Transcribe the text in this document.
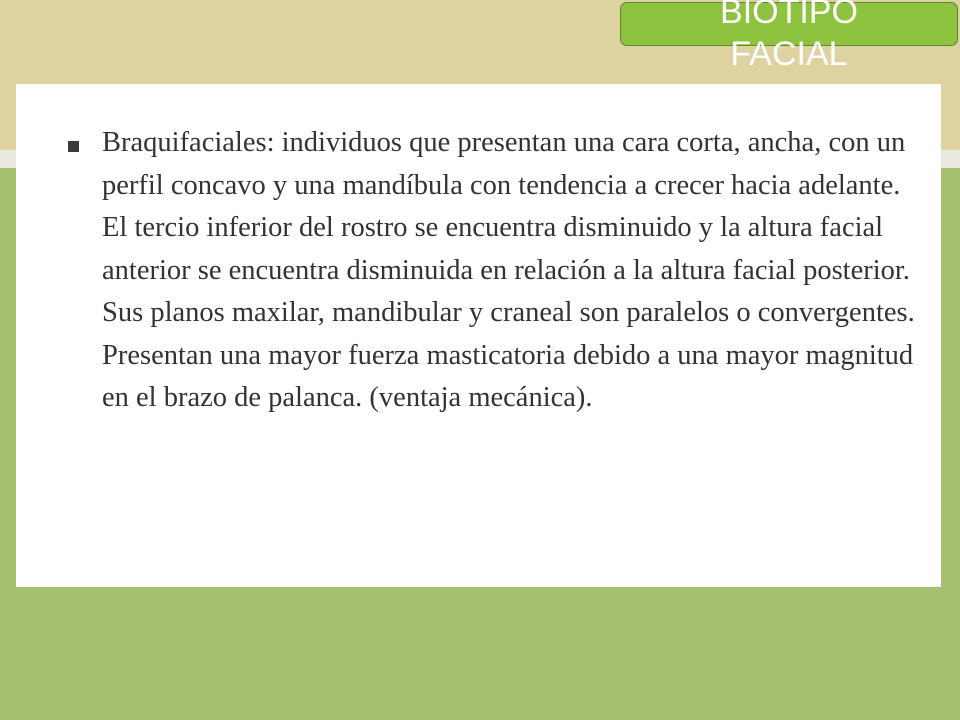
BIOTIPO
FACIAL

Braquifaciales: individuos que presentan una cara corta, ancha, con un perfil concavo y una mandíbula con tendencia a crecer hacia adelante. El tercio inferior del rostro se encuentra disminuido y la altura facial anterior se encuentra disminuida en relación a la altura facial posterior. Sus planos maxilar, mandibular y craneal son paralelos o convergentes. Presentan una mayor fuerza masticatoria debido a una mayor magnitud en el brazo de palanca. (ventaja mecánica).
